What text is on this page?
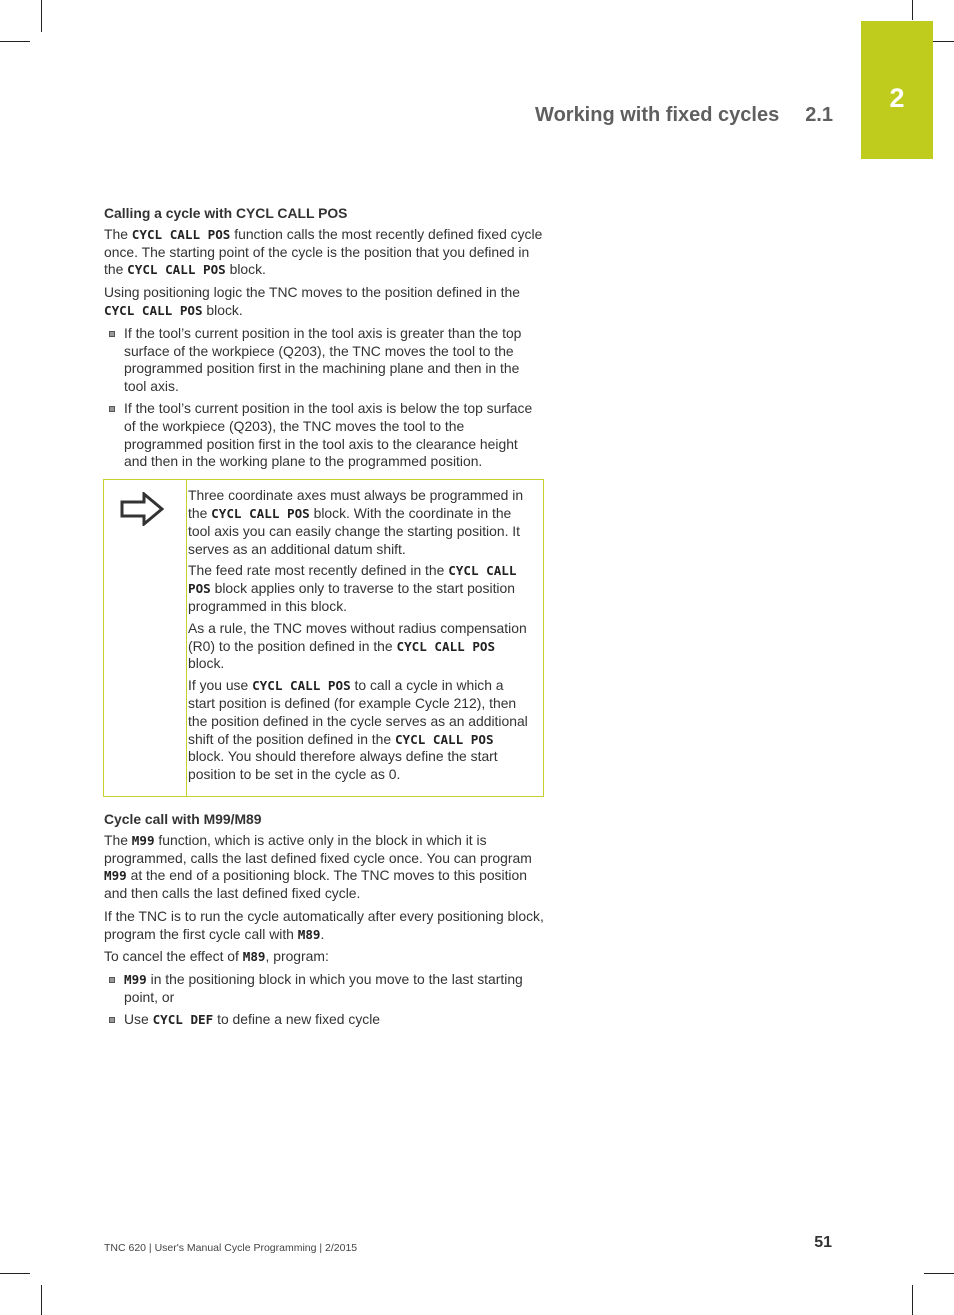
2
Working with fixed cycles 2.1
Calling a cycle with CYCL CALL POS

The CYCL CALL POS function calls the most recently defined fixed cycle once. The starting point of the cycle is the position that you defined in the CYCL CALL POS block.

Using positioning logic the TNC moves to the position defined in the CYCL CALL POS block.

If the tool’s current position in the tool axis is greater than the top surface of the workpiece (Q203), the TNC moves the tool to the programmed position first in the machining plane and then in the tool axis.
If the tool’s current position in the tool axis is below the top surface of the workpiece (Q203), the TNC moves the tool to the programmed position first in the tool axis to the clearance height and then in the working plane to the programmed position.

Three coordinate axes must always be programmed in the CYCL CALL POS block. With the coordinate in the tool axis you can easily change the starting position. It serves as an additional datum shift.

The feed rate most recently defined in the CYCL CALL POS block applies only to traverse to the start position programmed in this block.

As a rule, the TNC moves without radius compensation (R0) to the position defined in the CYCL CALL POS block.

If you use CYCL CALL POS to call a cycle in which a start position is defined (for example Cycle 212), then the position defined in the cycle serves as an additional shift of the position defined in the CYCL CALL POS block. You should therefore always define the start position to be set in the cycle as 0.

Cycle call with M99/M89

The M99 function, which is active only in the block in which it is programmed, calls the last defined fixed cycle once. You can program M99 at the end of a positioning block. The TNC moves to this position and then calls the last defined fixed cycle.

If the TNC is to run the cycle automatically after every positioning block, program the first cycle call with M89.

To cancel the effect of M89, program:

M99 in the positioning block in which you move to the last starting point, or
Use CYCL DEF to define a new fixed cycle
TNC 620 | User's Manual Cycle Programming | 2/2015	51
